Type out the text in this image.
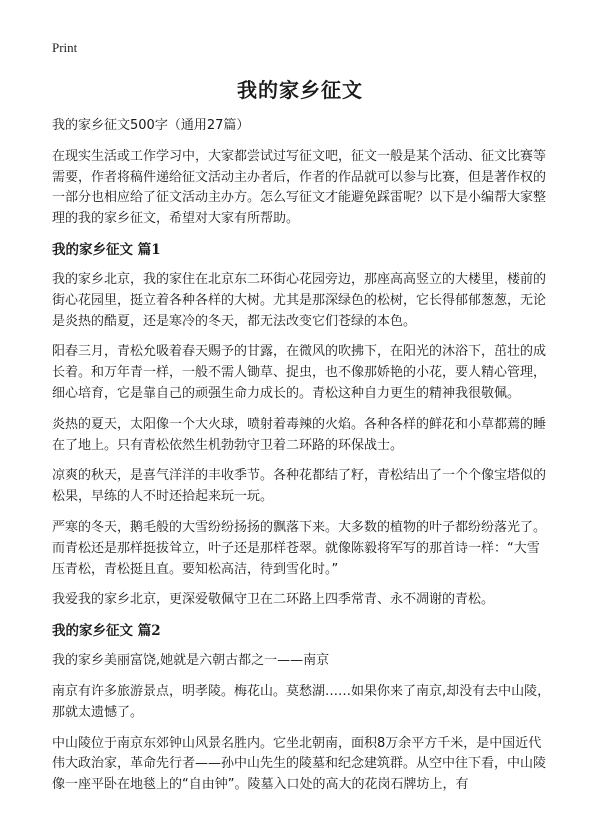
Print
我的家乡征文

我的家乡征文500字（通用27篇）

在现实生活或工作学习中，大家都尝试过写征文吧，征文一般是某个活动、征文比赛等需要，作者将稿件递给征文活动主办者后，作者的作品就可以参与比赛，但是著作权的一部分也相应给了征文活动主办方。怎么写征文才能避免踩雷呢？以下是小编帮大家整理的我的家乡征文，希望对大家有所帮助。

我的家乡征文 篇1

我的家乡北京，我的家住在北京东二环街心花园旁边，那座高高竖立的大楼里，楼前的街心花园里，挺立着各种各样的大树。尤其是那深绿色的松树，它长得郁郁葱葱，无论是炎热的酷夏，还是寒冷的冬天，都无法改变它们苍绿的本色。

阳春三月，青松允吸着春天赐予的甘露，在微风的吹拂下，在阳光的沐浴下，茁壮的成长着。和万年青一样，一般不需人锄草、捉虫，也不像那娇艳的小花，要人精心管理，细心培育，它是靠自己的顽强生命力成长的。青松这种自力更生的精神我很敬佩。

炎热的夏天，太阳像一个大火球，喷射着毒辣的火焰。各种各样的鲜花和小草都蔫的睡在了地上。只有青松依然生机勃勃守卫着二环路的环保战士。

凉爽的秋天，是喜气洋洋的丰收季节。各种花都结了籽，青松结出了一个个像宝塔似的松果，早练的人不时还拾起来玩一玩。

严寒的冬天，鹅毛般的大雪纷纷扬扬的飘落下来。大多数的植物的叶子都纷纷落光了。而青松还是那样挺拔耸立，叶子还是那样苍翠。就像陈毅将军写的那首诗一样：“大雪压青松，青松挺且直。要知松高洁，待到雪化时。”

我爱我的家乡北京，更深爱敬佩守卫在二环路上四季常青、永不凋谢的青松。

我的家乡征文 篇2

我的家乡美丽富饶,她就是六朝古都之一——南京

南京有许多旅游景点，明孝陵。梅花山。莫愁湖……如果你来了南京,却没有去中山陵，那就太遗憾了。

中山陵位于南京东郊钟山风景名胜内。它坐北朝南，面积8万余平方千米，是中国近代伟大政治家，革命先行者——孙中山先生的陵墓和纪念建筑群。从空中往下看，中山陵像一座平卧在地毯上的“自由钟”。陵墓入口处的高大的花岗石牌坊上，有
